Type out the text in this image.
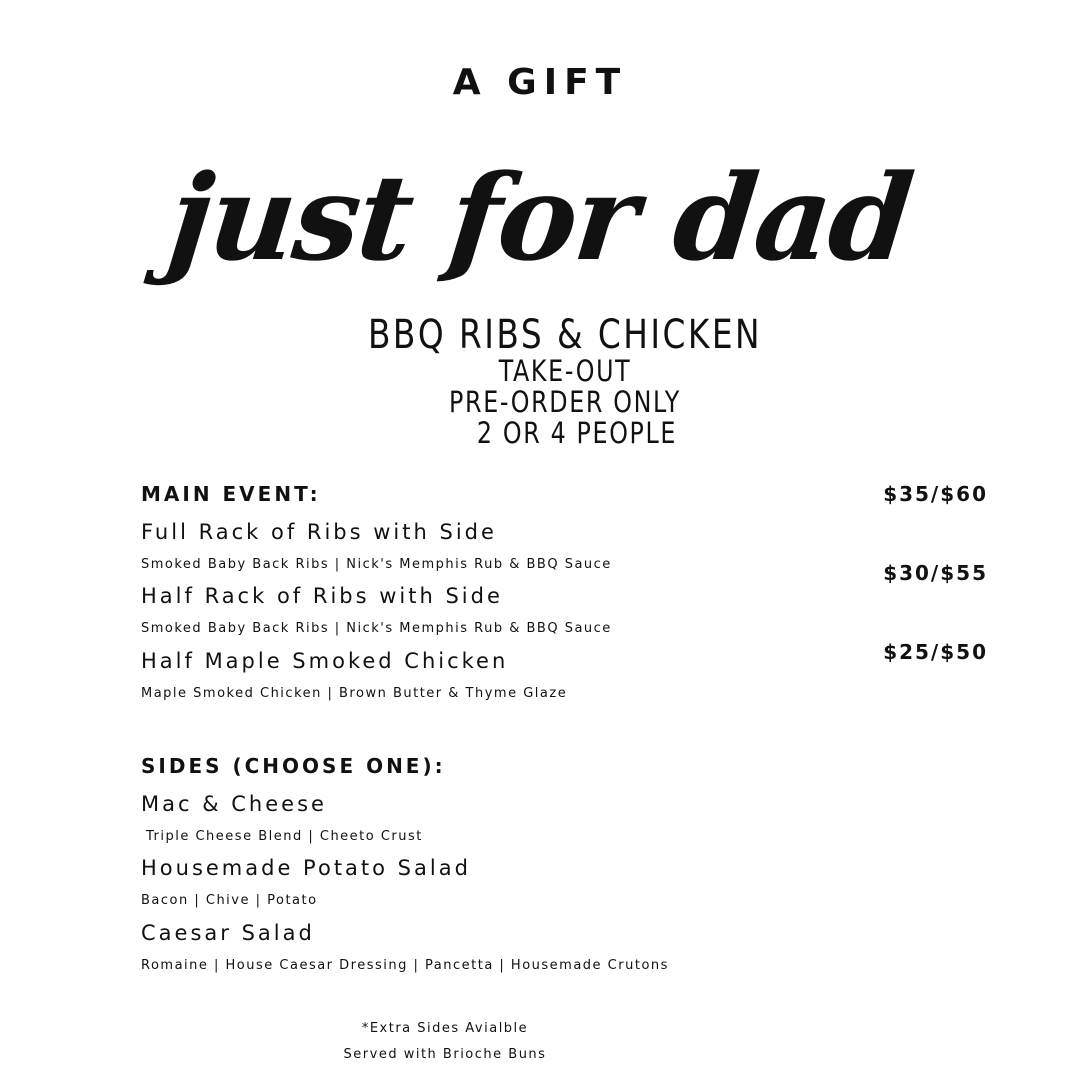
A GIFT
just for dad
BBQ RIBS & CHICKEN
TAKE-OUT
PRE-ORDER ONLY
2 OR 4 PEOPLE
MAIN EVENT:	$35/$60
Full Rack of Ribs with Side
Smoked Baby Back Ribs | Nick's Memphis Rub & BBQ Sauce	$30/$55
Half Rack of Ribs with Side
Smoked Baby Back Ribs | Nick's Memphis Rub & BBQ Sauce
$25/$50
Half Maple Smoked Chicken
Maple Smoked Chicken | Brown Butter & Thyme Glaze
SIDES (CHOOSE ONE):
Mac & Cheese
Triple Cheese Blend | Cheeto Crust
Housemade Potato Salad
Bacon | Chive | Potato
Caesar Salad
Romaine | House Caesar Dressing | Pancetta | Housemade Crutons
*Extra Sides Avialble
Served with Brioche Buns
